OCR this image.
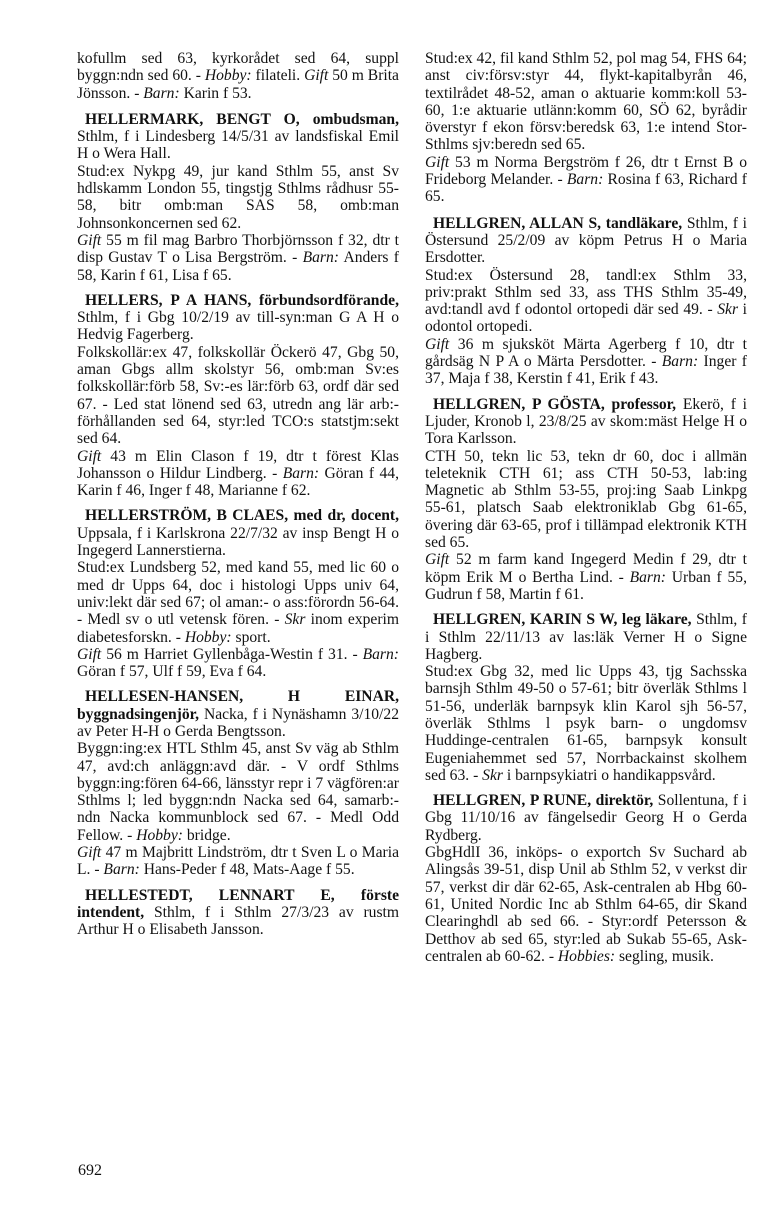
kofullm sed 63, kyrkorådet sed 64, suppl byggn:ndn sed 60. - Hobby: filateli. Gift 50 m Brita Jönsson. - Barn: Karin f 53.

HELLERMARK, BENGT O, ombudsman, Sthlm, f i Lindesberg 14/5/31 av landsfiskal Emil H o Wera Hall.

Stud:ex Nykpg 49, jur kand Sthlm 55, anst Sv hdlskamm London 55, tingstjg Sthlms rådhusr 55-58, bitr omb:man SAS 58, omb:man Johnsonkoncernen sed 62.

Gift 55 m fil mag Barbro Thorbjörnsson f 32, dtr t disp Gustav T o Lisa Bergström. - Barn: Anders f 58, Karin f 61, Lisa f 65.

HELLERS, P A HANS, förbundsordförande, Sthlm, f i Gbg 10/2/19 av till-syn:man G A H o Hedvig Fagerberg.

Folkskollär:ex 47, folkskollär Öckerö 47, Gbg 50, aman Gbgs allm skolstyr 56, omb:man Sv:es folkskollär:förb 58, Sv:-es lär:förb 63, ordf där sed 67. - Led stat lönend sed 63, utredn ang lär arb:-förhållanden sed 64, styr:led TCO:s statstjm:sekt sed 64.

Gift 43 m Elin Clason f 19, dtr t förest Klas Johansson o Hildur Lindberg. - Barn: Göran f 44, Karin f 46, Inger f 48, Marianne f 62.

HELLERSTRÖM, B CLAES, med dr, docent, Uppsala, f i Karlskrona 22/7/32 av insp Bengt H o Ingegerd Lannerstierna.

Stud:ex Lundsberg 52, med kand 55, med lic 60 o med dr Upps 64, doc i histologi Upps univ 64, univ:lekt där sed 67; ol aman:- o ass:förordn 56-64. - Medl sv o utl vetensk fören. - Skr inom experim diabetesforskn. - Hobby: sport.

Gift 56 m Harriet Gyllenbåga-Westin f 31. - Barn: Göran f 57, Ulf f 59, Eva f 64.

HELLESEN-HANSEN, H EINAR, byggnadsingenjör, Nacka, f i Nynäshamn 3/10/22 av Peter H-H o Gerda Bengtsson.

Byggn:ing:ex HTL Sthlm 45, anst Sv väg ab Sthlm 47, avd:ch anläggn:avd där. - V ordf Sthlms byggn:ing:fören 64-66, länsstyr repr i 7 vägfören:ar Sthlms l; led byggn:ndn Nacka sed 64, samarb:-ndn Nacka kommunblock sed 67. - Medl Odd Fellow. - Hobby: bridge.

Gift 47 m Majbritt Lindström, dtr t Sven L o Maria L. - Barn: Hans-Peder f 48, Mats-Aage f 55.

HELLESTEDT, LENNART E, förste intendent, Sthlm, f i Sthlm 27/3/23 av rustm Arthur H o Elisabeth Jansson.

Stud:ex 42, fil kand Sthlm 52, pol mag 54, FHS 64; anst civ:försv:styr 44, flykt-kapitalbyrån 46, textilrådet 48-52, aman o aktuarie komm:koll 53-60, 1:e aktuarie utlänn:komm 60, SÖ 62, byrådir överstyr f ekon försv:beredsk 63, 1:e intend Stor-Sthlms sjv:beredn sed 65.

Gift 53 m Norma Bergström f 26, dtr t Ernst B o Frideborg Melander. - Barn: Rosina f 63, Richard f 65.

HELLGREN, ALLAN S, tandläkare, Sthlm, f i Östersund 25/2/09 av köpm Petrus H o Maria Ersdotter.

Stud:ex Östersund 28, tandl:ex Sthlm 33, priv:prakt Sthlm sed 33, ass THS Sthlm 35-49, avd:tandl avd f odontol ortopedi där sed 49. - Skr i odontol ortopedi.

Gift 36 m sjuksköt Märta Agerberg f 10, dtr t gårdsäg N P A o Märta Persdotter. - Barn: Inger f 37, Maja f 38, Kerstin f 41, Erik f 43.

HELLGREN, P GÖSTA, professor, Ekerö, f i Ljuder, Kronob l, 23/8/25 av skom:mäst Helge H o Tora Karlsson.

CTH 50, tekn lic 53, tekn dr 60, doc i allmän teleteknik CTH 61; ass CTH 50-53, lab:ing Magnetic ab Sthlm 53-55, proj:ing Saab Linkpg 55-61, platsch Saab elektroniklab Gbg 61-65, övering där 63-65, prof i tillämpad elektronik KTH sed 65.

Gift 52 m farm kand Ingegerd Medin f 29, dtr t köpm Erik M o Bertha Lind. - Barn: Urban f 55, Gudrun f 58, Martin f 61.

HELLGREN, KARIN S W, leg läkare, Sthlm, f i Sthlm 22/11/13 av las:läk Verner H o Signe Hagberg.

Stud:ex Gbg 32, med lic Upps 43, tjg Sachsska barnsjh Sthlm 49-50 o 57-61; bitr överläk Sthlms l 51-56, underläk barnpsyk klin Karol sjh 56-57, överläk Sthlms l psyk barn- o ungdomsv Huddinge-centralen 61-65, barnpsyk konsult Eugeniahemmet sed 57, Norrbackainst skolhem sed 63. - Skr i barnpsykiatri o handikappsvård.

HELLGREN, P RUNE, direktör, Sollentuna, f i Gbg 11/10/16 av fängelsedir Georg H o Gerda Rydberg.

GbgHdlI 36, inköps- o exportch Sv Suchard ab Alingsås 39-51, disp Unil ab Sthlm 52, v verkst dir 57, verkst dir där 62-65, Ask-centralen ab Hbg 60-61, United Nordic Inc ab Sthlm 64-65, dir Skand Clearinghdl ab sed 66. - Styr:ordf Petersson & Detthov ab sed 65, styr:led ab Sukab 55-65, Ask-centralen ab 60-62. - Hobbies: segling, musik.

692
